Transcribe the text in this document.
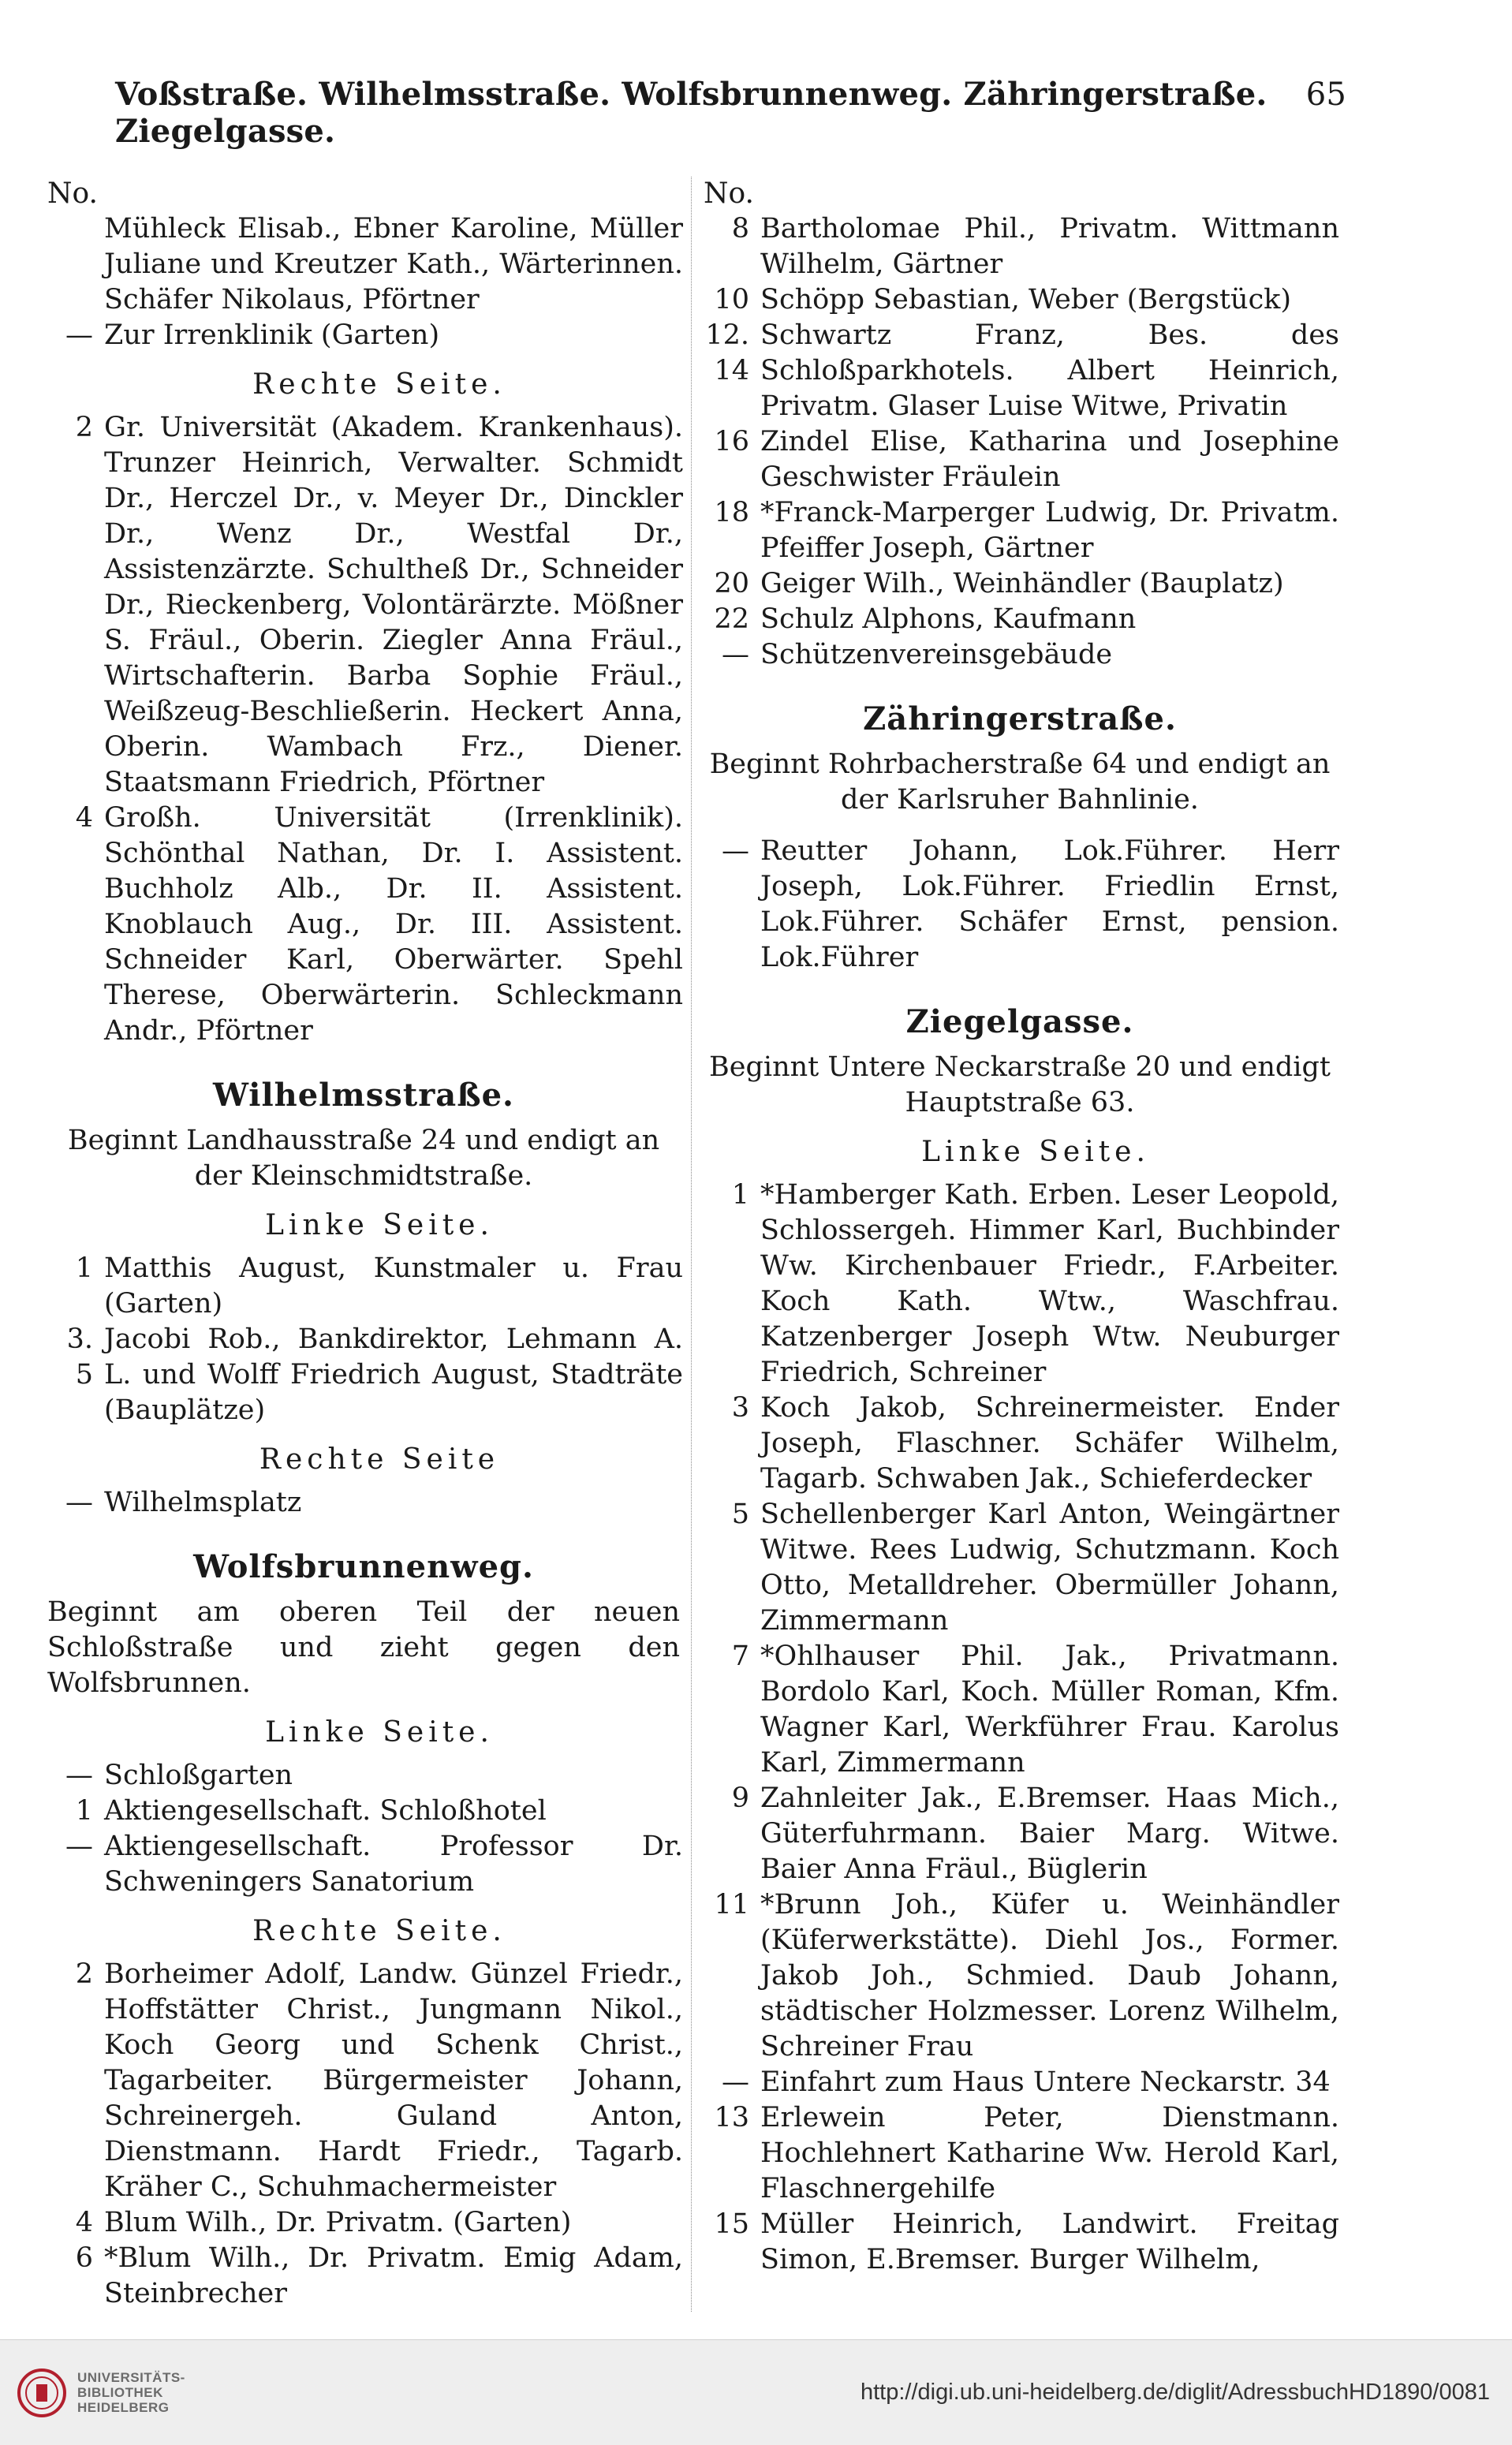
Voßstraße. Wilhelmsstraße. Wolfsbrunnenweg. Zähringerstraße. Ziegelgasse.
65
No.
Mühleck Elisab., Ebner Karoline, Müller Juliane und Kreutzer Kath., Wärterinnen. Schäfer Nikolaus, Pförtner
— Zur Irrenklinik (Garten)
Rechte Seite.
2 Gr. Universität (Akadem. Krankenhaus). Trunzer Heinrich, Verwalter. Schmidt Dr., Herczel Dr., v. Meyer Dr., Dinckler Dr., Wenz Dr., Westfal Dr., Assistenzärzte. Schultheß Dr., Schneider Dr., Rieckenberg, Volontärärzte. Mößner S. Fräul., Oberin. Ziegler Anna Fräul., Wirtschafterin. Barba Sophie Fräul., Weißzeug-Beschließerin. Heckert Anna, Oberin. Wambach Frz., Diener. Staatsmann Friedrich, Pförtner
4 Großh. Universität (Irrenklinik). Schönthal Nathan, Dr. I. Assistent. Buchholz Alb., Dr. II. Assistent. Knoblauch Aug., Dr. III. Assistent. Schneider Karl, Oberwärter. Spehl Therese, Oberwärterin. Schleckmann Andr., Pförtner
Wilhelmsstraße.
Beginnt Landhausstraße 24 und endigt an der Kleinschmidtstraße.
Linke Seite.
1 Matthis August, Kunstmaler u. Frau (Garten)
3. 5
Jacobi Rob., Bankdirektor, Lehmann A. L. und Wolff Friedrich August, Stadträte (Bauplätze)
Rechte Seite
— Wilhelmsplatz
Wolfsbrunnenweg.
Beginnt am oberen Teil der neuen Schloßstraße und zieht gegen den Wolfsbrunnen.
Linke Seite.
— Schloßgarten
1 Aktiengesellschaft. Schloßhotel
— Aktiengesellschaft. Professor Dr. Schweningers Sanatorium
Rechte Seite.
2 Borheimer Adolf, Landw. Günzel Friedr., Hoffstätter Christ., Jungmann Nikol., Koch Georg und Schenk Christ., Tagarbeiter. Bürgermeister Johann, Schreinergeh. Guland Anton, Dienstmann. Hardt Friedr., Tagarb. Kräher C., Schuhmachermeister
4 Blum Wilh., Dr. Privatm. (Garten)
6 *Blum Wilh., Dr. Privatm. Emig Adam, Steinbrecher
No.
8 Bartholomae Phil., Privatm. Wittmann Wilhelm, Gärtner
10 Schöpp Sebastian, Weber (Bergstück)
12. 14
Schwartz Franz, Bes. des Schloßparkhotels. Albert Heinrich, Privatm. Glaser Luise Witwe, Privatin
16 Zindel Elise, Katharina und Josephine Geschwister Fräulein
18 *Franck-Marperger Ludwig, Dr. Privatm. Pfeiffer Joseph, Gärtner
20 Geiger Wilh., Weinhändler (Bauplatz)
22 Schulz Alphons, Kaufmann
— Schützenvereinsgebäude
Zähringerstraße.
Beginnt Rohrbacherstraße 64 und endigt an der Karlsruher Bahnlinie.
— Reutter Johann, Lok.Führer. Herr Joseph, Lok.Führer. Friedlin Ernst, Lok.Führer. Schäfer Ernst, pension. Lok.Führer
Ziegelgasse.
Beginnt Untere Neckarstraße 20 und endigt Hauptstraße 63.
Linke Seite.
1 *Hamberger Kath. Erben. Leser Leopold, Schlossergeh. Himmer Karl, Buchbinder Ww. Kirchenbauer Friedr., F.Arbeiter. Koch Kath. Wtw., Waschfrau. Katzenberger Joseph Wtw. Neuburger Friedrich, Schreiner
3 Koch Jakob, Schreinermeister. Ender Joseph, Flaschner. Schäfer Wilhelm, Tagarb. Schwaben Jak., Schieferdecker
5 Schellenberger Karl Anton, Weingärtner Witwe. Rees Ludwig, Schutzmann. Koch Otto, Metalldreher. Obermüller Johann, Zimmermann
7 *Ohlhauser Phil. Jak., Privatmann. Bordolo Karl, Koch. Müller Roman, Kfm. Wagner Karl, Werkführer Frau. Karolus Karl, Zimmermann
9 Zahnleiter Jak., E.Bremser. Haas Mich., Güterfuhrmann. Baier Marg. Witwe. Baier Anna Fräul., Büglerin
11 *Brunn Joh., Küfer u. Weinhändler (Küferwerkstätte). Diehl Jos., Former. Jakob Joh., Schmied. Daub Johann, städtischer Holzmesser. Lorenz Wilhelm, Schreiner Frau
— Einfahrt zum Haus Untere Neckarstr. 34
13 Erlewein Peter, Dienstmann. Hochlehnert Katharine Ww. Herold Karl, Flaschnergehilfe
15 Müller Heinrich, Landwirt. Freitag Simon, E.Bremser. Burger Wilhelm,
UNIVERSITÄTS-
BIBLIOTHEK
HEIDELBERG
http://digi.ub.uni-heidelberg.de/diglit/AdressbuchHD1890/0081
